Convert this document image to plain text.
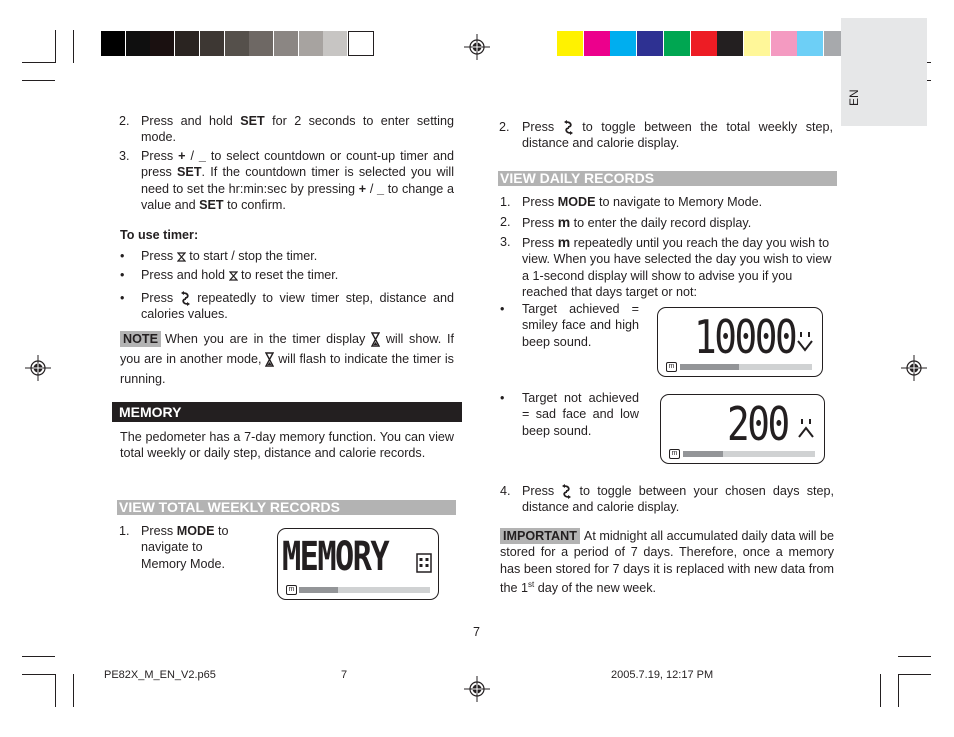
EN
2. Press and hold SET for 2 seconds to enter setting mode.
3. Press + / _ to select countdown or count-up timer and press SET. If the countdown timer is selected you will need to set the hr:min:sec by pressing + / _ to change a value and SET to confirm.
To use timer:
• Press  to start / stop the timer.
• Press and hold  to reset the timer.
• Press  repeatedly to view timer step, distance and calories values.
NOTE When you are in the timer display  will show. If you are in another mode,  will flash to indicate the timer is running.
MEMORY
The pedometer has a 7-day memory function. You can view total weekly or daily step, distance and calorie records.
VIEW TOTAL WEEKLY RECORDS
1. Press MODE to navigate to Memory Mode.	MEMORY
m
2. Press  to toggle between the total weekly step, distance and calorie display.
VIEW DAILY RECORDS
1. Press MODE to navigate to Memory Mode.
2. Press m to enter the daily record display.
3. Press m repeatedly until you reach the day you wish to view. When you have selected the day you wish to view a 1-second display will show to advise you if you reached that days target or not:
• Target achieved = smiley face and high beep sound.
• Target not achieved = sad face and low beep sound.
10000
m
200
m
4. Press  to toggle between your chosen days step, distance and calorie display.
IMPORTANT At midnight all accumulated daily data will be stored for a period of 7 days. Therefore, once a memory has been stored for 7 days it is replaced with new data from the 1st day of the new week.
7
PE82X_M_EN_V2.p65	7	2005.7.19, 12:17 PM
